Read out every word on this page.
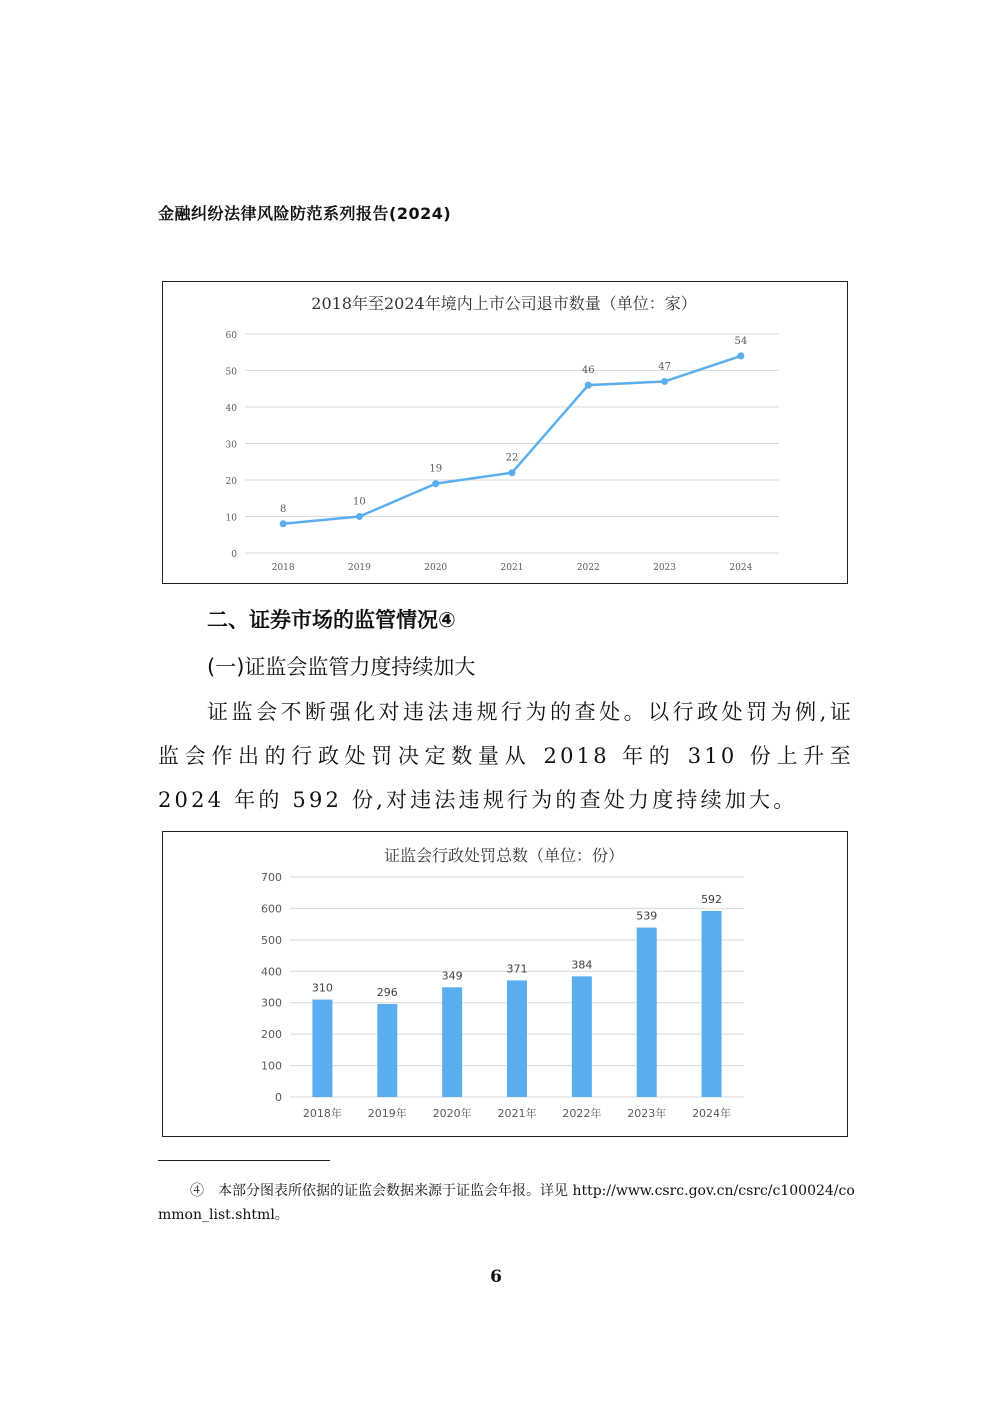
金融纠纷法律风险防范系列报告(2024)
2018年至2024年境内上市公司退市数量（单位：家）
0
10
20
30
40
50
60
2018	2019	2020	2021	2022	2023	2024
8
10
19
22
46	47
54
二、证券市场的监管情况④
(一)证监会监管力度持续加大

证监会不断强化对违法违规行为的查处。以行政处罚为例,证监会作出的行政处罚决定数量从 2018 年的 310 份上升至 2024 年的 592 份,对违法违规行为的查处力度持续加大。

证监会行政处罚总数（单位：份）
0
100
200
300
400
500
600
700
2018年 2019年 2020年 2021年 2022年 2023年 2024年
310	296
349
371	384
539
592

④　本部分图表所依据的证监会数据来源于证监会年报。详见 http://www.csrc.gov.cn/csrc/c100024/common_list.shtml。

6
